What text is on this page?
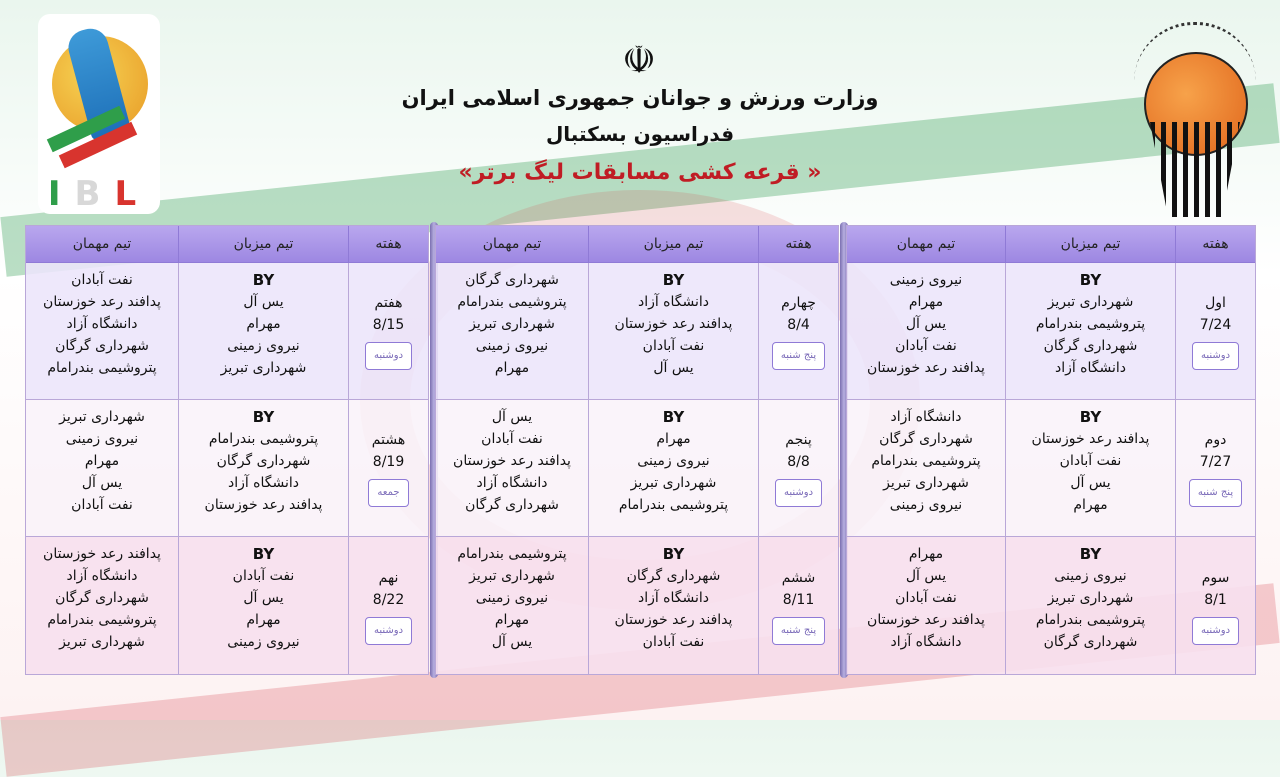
IBL
☫
وزارت ورزش و جوانان جمهوری اسلامی ایران
فدراسیون بسکتبال
« قرعه کشی مسابقات لیگ برتر»
هفته
تیم میزبان
تیم مهمان
اول
7/24
دوشنبه
BY
شهرداری تبریز
پتروشیمی بندرامام
شهرداری گرگان
دانشگاه آزاد
نیروی زمینی
مهرام
یس آل
نفت آبادان
پدافند رعد خوزستان
دوم
7/27
پنج شنبه
BY
پدافند رعد خوزستان
نفت آبادان
یس آل
مهرام
دانشگاه آزاد
شهرداری گرگان
پتروشیمی بندرامام
شهرداری تبریز
نیروی زمینی
سوم
8/1
دوشنبه
BY
نیروی زمینی
شهرداری تبریز
پتروشیمی بندرامام
شهرداری گرگان
مهرام
یس آل
نفت آبادان
پدافند رعد خوزستان
دانشگاه آزاد
هفته
تیم میزبان
تیم مهمان
چهارم
8/4
پنج شنبه
BY
دانشگاه آزاد
پدافند رعد خوزستان
نفت آبادان
یس آل
شهرداری گرگان
پتروشیمی بندرامام
شهرداری تبریز
نیروی زمینی
مهرام
پنجم
8/8
دوشنبه
BY
مهرام
نیروی زمینی
شهرداری تبریز
پتروشیمی بندرامام
یس آل
نفت آبادان
پدافند رعد خوزستان
دانشگاه آزاد
شهرداری گرگان
ششم
8/11
پنج شنبه
BY
شهرداری گرگان
دانشگاه آزاد
پدافند رعد خوزستان
نفت آبادان
پتروشیمی بندرامام
شهرداری تبریز
نیروی زمینی
مهرام
یس آل
هفته
تیم میزبان
تیم مهمان
هفتم
8/15
دوشنبه
BY
یس آل
مهرام
نیروی زمینی
شهرداری تبریز
نفت آبادان
پدافند رعد خوزستان
دانشگاه آزاد
شهرداری گرگان
پتروشیمی بندرامام
هشتم
8/19
جمعه
BY
پتروشیمی بندرامام
شهرداری گرگان
دانشگاه آزاد
پدافند رعد خوزستان
شهرداری تبریز
نیروی زمینی
مهرام
یس آل
نفت آبادان
نهم
8/22
دوشنبه
BY
نفت آبادان
یس آل
مهرام
نیروی زمینی
پدافند رعد خوزستان
دانشگاه آزاد
شهرداری گرگان
پتروشیمی بندرامام
شهرداری تبریز
